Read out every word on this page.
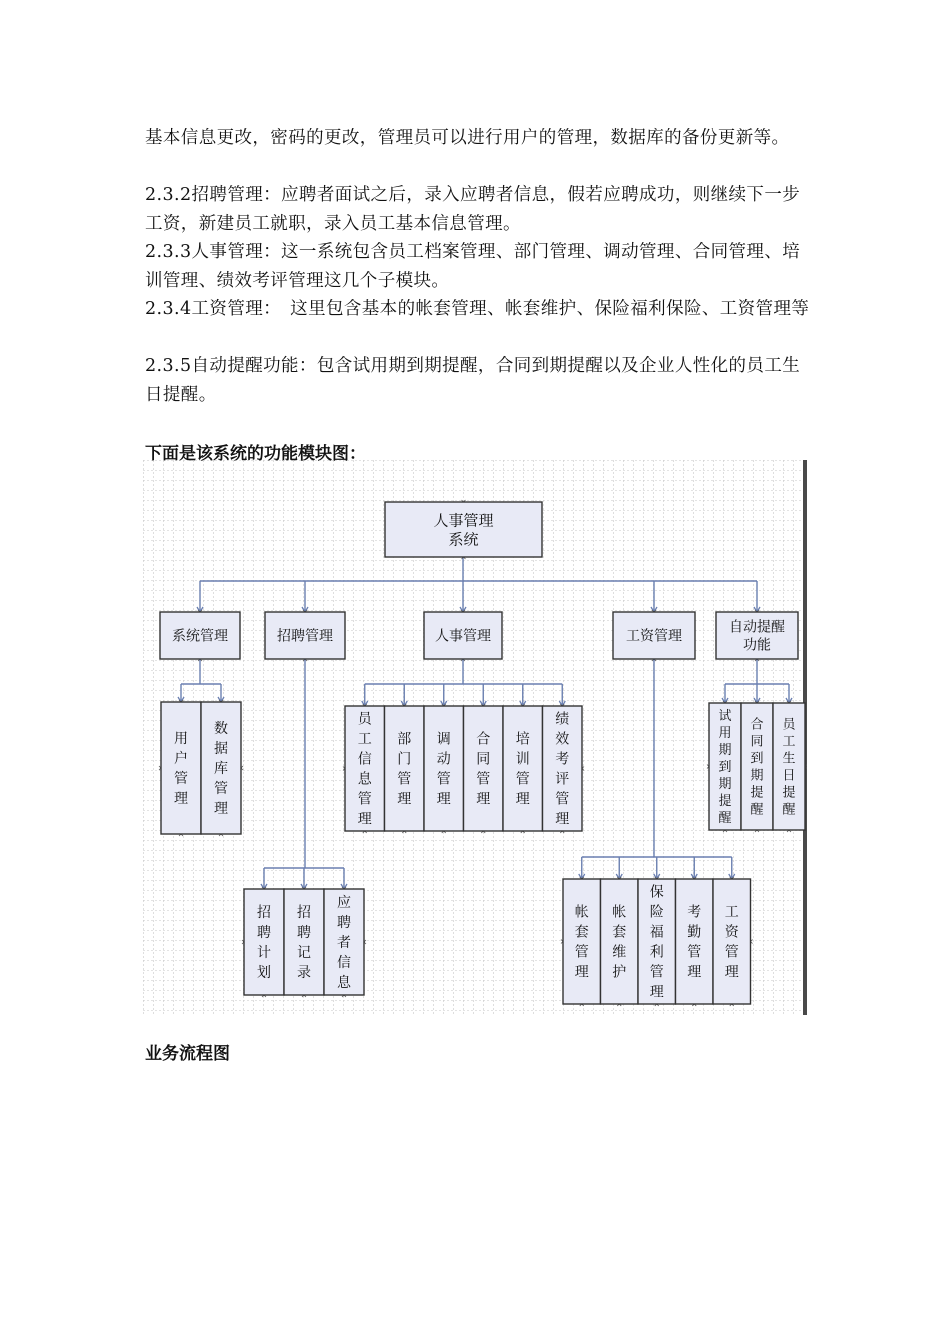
基本信息更改，密码的更改，管理员可以进行用户的管理，数据库的备份更新等。

2.3.2招聘管理：应聘者面试之后，录入应聘者信息，假若应聘成功，则继续下一步工资，新建员工就职，录入员工基本信息管理。

2.3.3人事管理：这一系统包含员工档案管理、部门管理、调动管理、合同管理、培训管理、绩效考评管理这几个子模块。

2.3.4工资管理：　这里包含基本的帐套管理、帐套维护、保险福利保险、工资管理等

2.3.5自动提醒功能：包含试用期到期提醒，合同到期提醒以及企业人性化的员工生日提醒。

下面是该系统的功能模块图：

人事管理
系统
系统管理	招聘管理	人事管理	工资管理
自动提醒
功能
用
户
管
理
数
据
库
管
理
招
聘
计
划
招
聘
记
录
应
聘
者
信
息
员
工
信
息
管
理
部
门
管
理
调
动
管
理
合
同
管
理
培
训
管
理
绩
效
考
评
管
理
帐
套
管
理
帐
套
维
护
保
险
福
利
管
理
考
勤
管
理
工
资
管
理
试
用
期
到
期
提
醒
合
同
到
期
提
醒
员
工
生
日
提
醒

业务流程图
